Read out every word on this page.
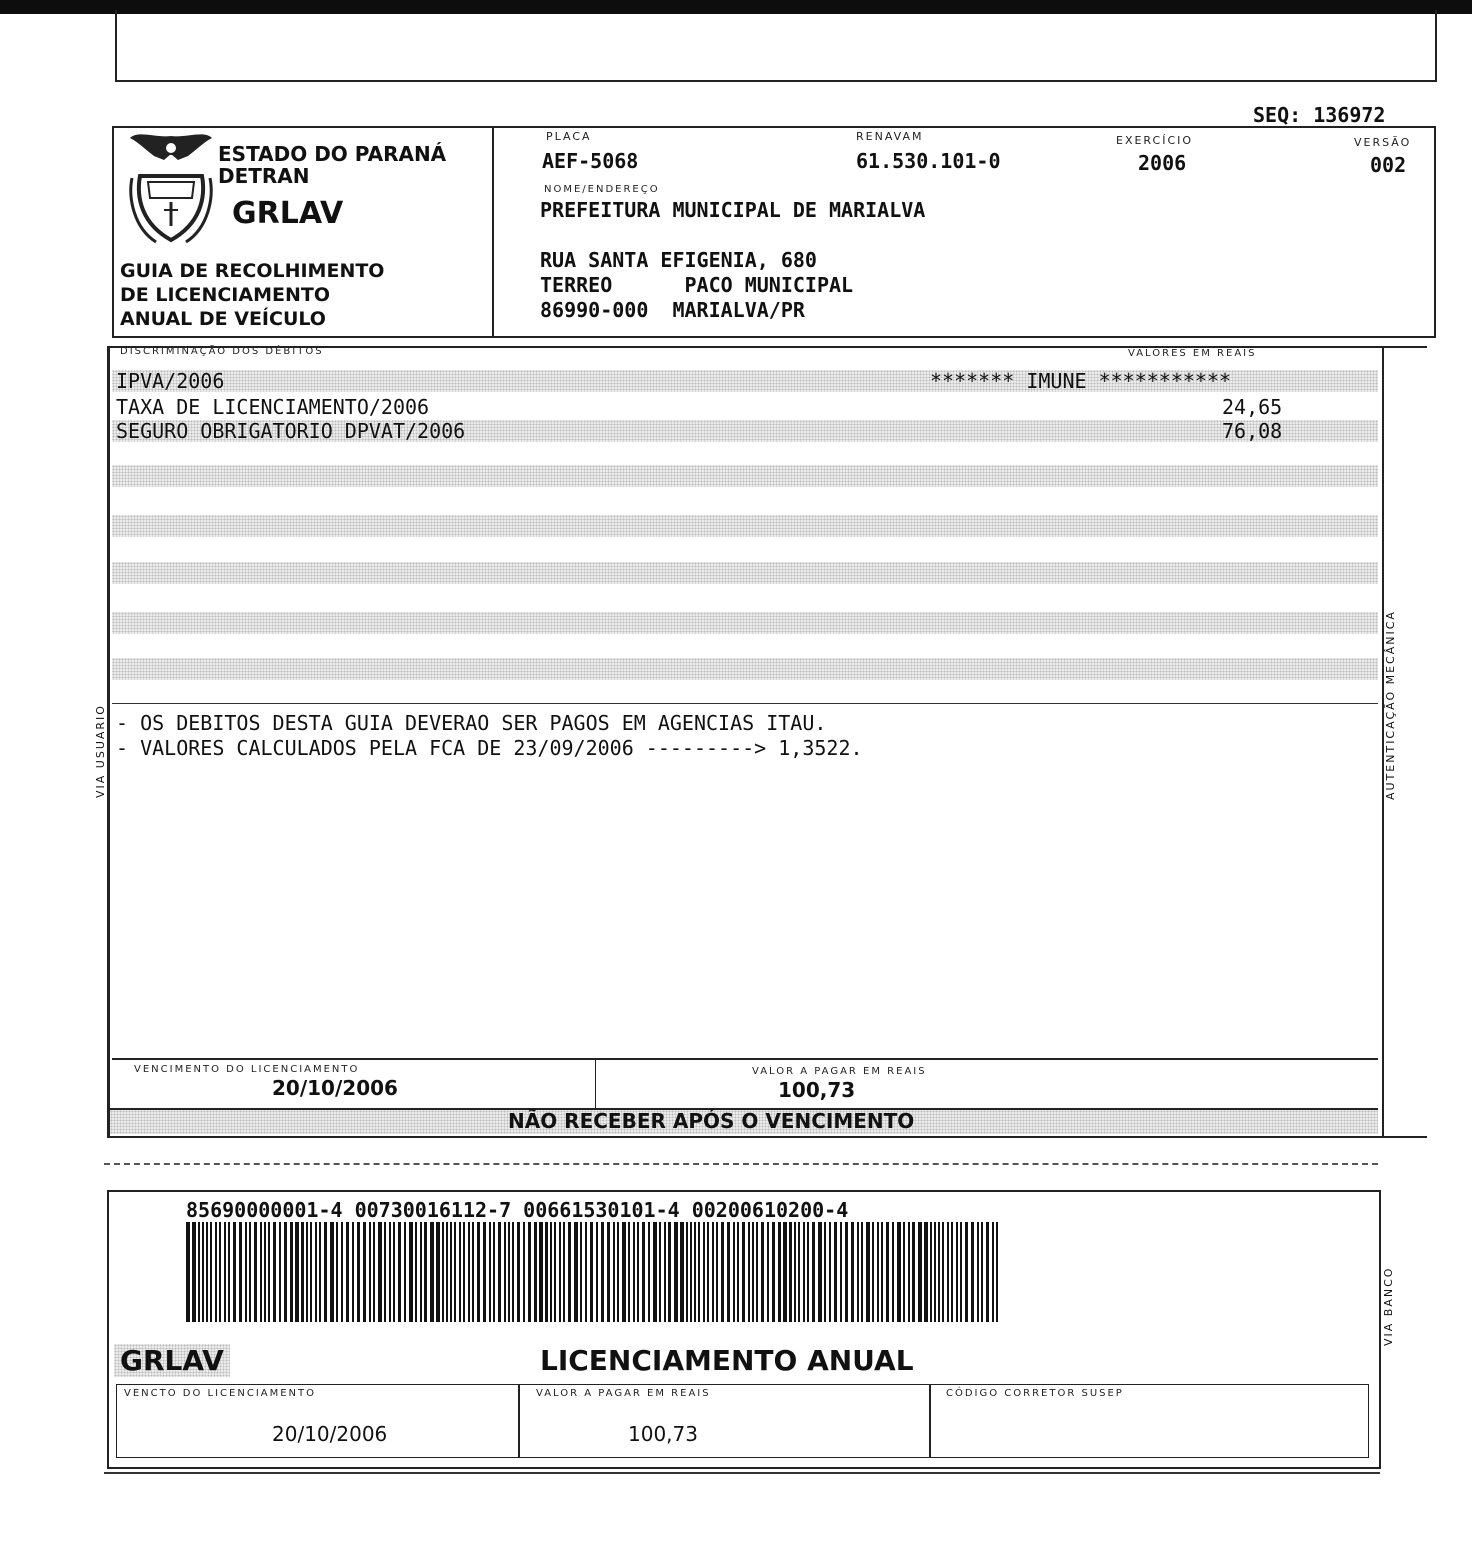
SEQ: 136972
ESTADO DO PARANÁ
DETRAN
GRLAV
GUIA DE RECOLHIMENTO
DE LICENCIAMENTO
ANUAL DE VEÍCULO
PLACA
AEF-5068
RENAVAM
61.530.101-0
EXERCÍCIO
2006
VERSÃO
002
NOME/ENDEREÇO
PREFEITURA MUNICIPAL DE MARIALVA
RUA SANTA EFIGENIA, 680
TERREO      PACO MUNICIPAL
86990-000  MARIALVA/PR
DISCRIMINAÇÃO DOS DÉBITOS	VALORES EM REAIS
IPVA/2006	******* IMUNE ***********
TAXA DE LICENCIAMENTO/2006	24,65
SEGURO OBRIGATORIO DPVAT/2006	76,08
- OS DEBITOS DESTA GUIA DEVERAO SER PAGOS EM AGENCIAS ITAU.
- VALORES CALCULADOS PELA FCA DE 23/09/2006 ---------> 1,3522.
VIA USUARIO	AUTENTICAÇÃO MECÂNICA
VENCIMENTO DO LICENCIAMENTO
20/10/2006
VALOR A PAGAR EM REAIS
100,73
NÃO RECEBER APÓS O VENCIMENTO
85690000001-4 00730016112-7 00661530101-4 00200610200-4
GRLAV	LICENCIAMENTO ANUAL
VENCTO DO LICENCIAMENTO
20/10/2006
VALOR A PAGAR EM REAIS
100,73
CÓDIGO CORRETOR SUSEP
VIA BANCO
